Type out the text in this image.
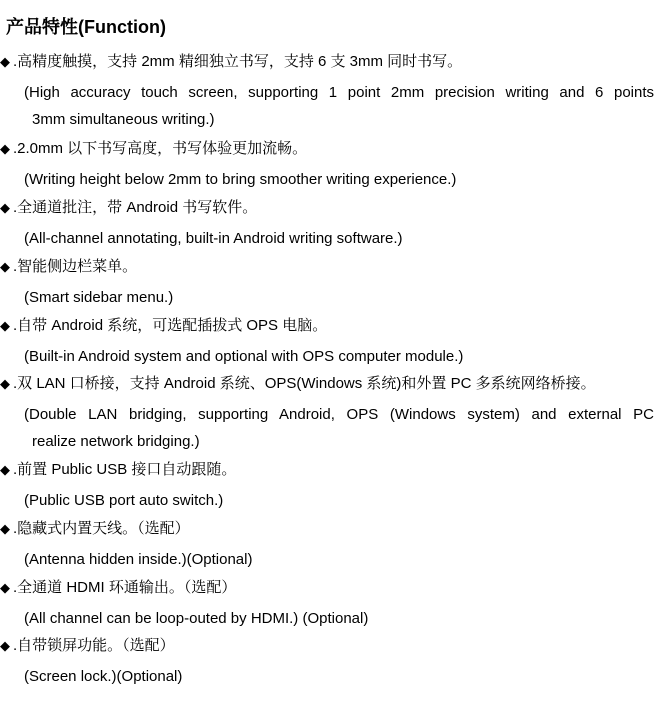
产品特性(Function)
◆ .高精度触摸，支持 2mm 精细独立书写，支持 6 支 3mm 同时书写。
(High accuracy touch screen, supporting 1 point 2mm precision writing and 6 points
3mm simultaneous writing.)
◆ .2.0mm 以下书写高度，书写体验更加流畅。
(Writing height below 2mm to bring smoother writing experience.)
◆ .全通道批注，带 Android 书写软件。
(All-channel annotating, built-in Android writing software.)
◆ .智能侧边栏菜单。
(Smart sidebar menu.)
◆ .自带 Android 系统，可选配插拔式 OPS 电脑。
(Built-in Android system and optional with OPS computer module.)
◆ .双 LAN 口桥接，支持 Android 系统、OPS(Windows 系统)和外置 PC 多系统网络桥接。
(Double LAN bridging, supporting Android, OPS (Windows system) and external PC
realize network bridging.)
◆ .前置 Public USB 接口自动跟随。
(Public USB port auto switch.)
◆ .隐藏式内置天线。（选配）
(Antenna hidden inside.)(Optional)
◆ .全通道 HDMI 环通输出。（选配）
(All channel can be loop-outed by HDMI.) (Optional)
◆ .自带锁屏功能。（选配）
(Screen lock.)(Optional)
